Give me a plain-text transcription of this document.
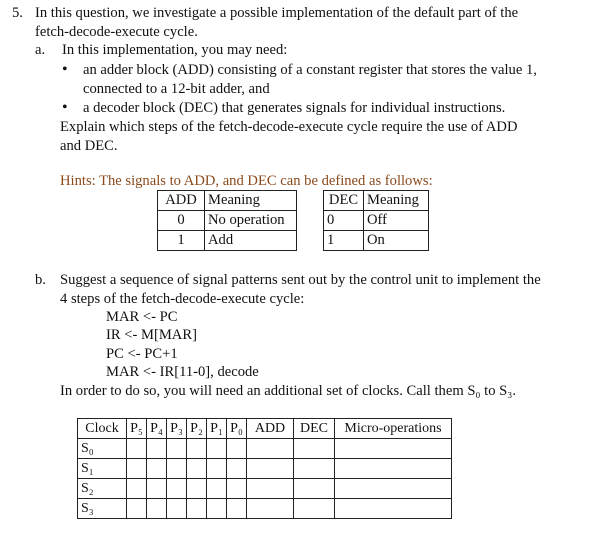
5. In this question, we investigate a possible implementation of the default part of the
fetch-decode-execute cycle.
a. In this implementation, you may need:
• an adder block (ADD) consisting of a constant register that stores the value 1,
connected to a 12-bit adder, and
• a decoder block (DEC) that generates signals for individual instructions.
Explain which steps of the fetch-decode-execute cycle require the use of ADD
and DEC.
Hints: The signals to ADD, and DEC can be defined as follows:
ADD	Meaning
0	No operation
1	Add
DEC	Meaning
0	Off
1	On
b. Suggest a sequence of signal patterns sent out by the control unit to implement the
4 steps of the fetch-decode-execute cycle:
MAR <- PC
IR <- M[MAR]
PC <- PC+1
MAR <- IR[11-0], decode
In order to do so, you will need an additional set of clocks. Call them S₀ to S₃.
Clock	P₅	P₄	P₃	P₂	P₁	P₀	ADD	DEC	Micro-operations
S₀									
S₁									
S₂									
S₃									
